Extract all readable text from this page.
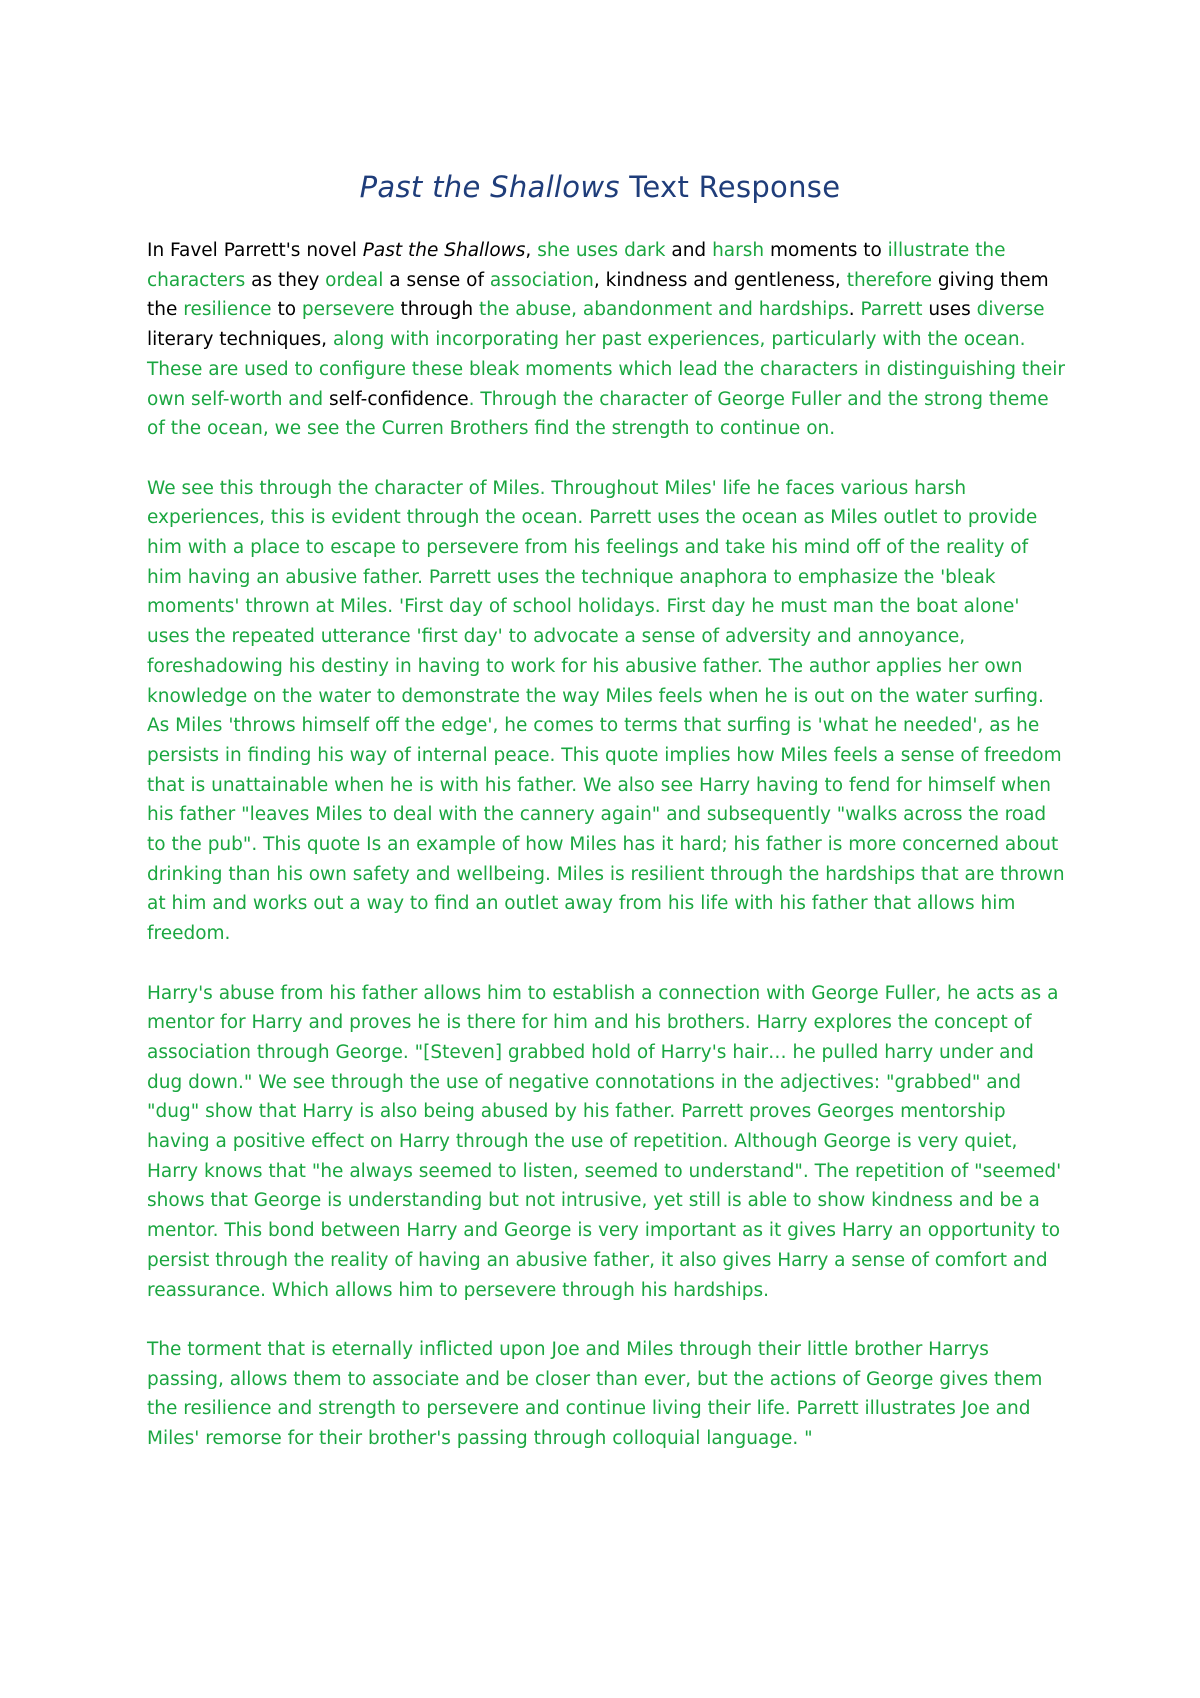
Past the Shallows Text Response

In Favel Parrett's novel Past the Shallows, she uses dark and harsh moments to illustrate the characters as they ordeal a sense of association, kindness and gentleness, therefore giving them the resilience to persevere through the abuse, abandonment and hardships. Parrett uses diverse literary techniques, along with incorporating her past experiences, particularly with the ocean. These are used to configure these bleak moments which lead the characters in distinguishing their own self-worth and self-confidence. Through the character of George Fuller and the strong theme of the ocean, we see the Curren Brothers find the strength to continue on.

We see this through the character of Miles. Throughout Miles' life he faces various harsh experiences, this is evident through the ocean. Parrett uses the ocean as Miles outlet to provide him with a place to escape to persevere from his feelings and take his mind off of the reality of him having an abusive father. Parrett uses the technique anaphora to emphasize the 'bleak moments' thrown at Miles. 'First day of school holidays. First day he must man the boat alone' uses the repeated utterance 'first day' to advocate a sense of adversity and annoyance, foreshadowing his destiny in having to work for his abusive father. The author applies her own knowledge on the water to demonstrate the way Miles feels when he is out on the water surfing. As Miles 'throws himself off the edge', he comes to terms that surfing is 'what he needed', as he persists in finding his way of internal peace. This quote implies how Miles feels a sense of freedom that is unattainable when he is with his father. We also see Harry having to fend for himself when his father "leaves Miles to deal with the cannery again" and subsequently "walks across the road to the pub". This quote Is an example of how Miles has it hard; his father is more concerned about drinking than his own safety and wellbeing. Miles is resilient through the hardships that are thrown at him and works out a way to find an outlet away from his life with his father that allows him freedom.

Harry's abuse from his father allows him to establish a connection with George Fuller, he acts as a mentor for Harry and proves he is there for him and his brothers. Harry explores the concept of association through George. "[Steven] grabbed hold of Harry's hair… he pulled harry under and dug down." We see through the use of negative connotations in the adjectives: "grabbed" and "dug" show that Harry is also being abused by his father. Parrett proves Georges mentorship having a positive effect on Harry through the use of repetition. Although George is very quiet, Harry knows that "he always seemed to listen, seemed to understand". The repetition of "seemed' shows that George is understanding but not intrusive, yet still is able to show kindness and be a mentor. This bond between Harry and George is very important as it gives Harry an opportunity to persist through the reality of having an abusive father, it also gives Harry a sense of comfort and reassurance. Which allows him to persevere through his hardships.

The torment that is eternally inflicted upon Joe and Miles through their little brother Harrys passing, allows them to associate and be closer than ever, but the actions of George gives them the resilience and strength to persevere and continue living their life. Parrett illustrates Joe and Miles' remorse for their brother's passing through colloquial language. "
